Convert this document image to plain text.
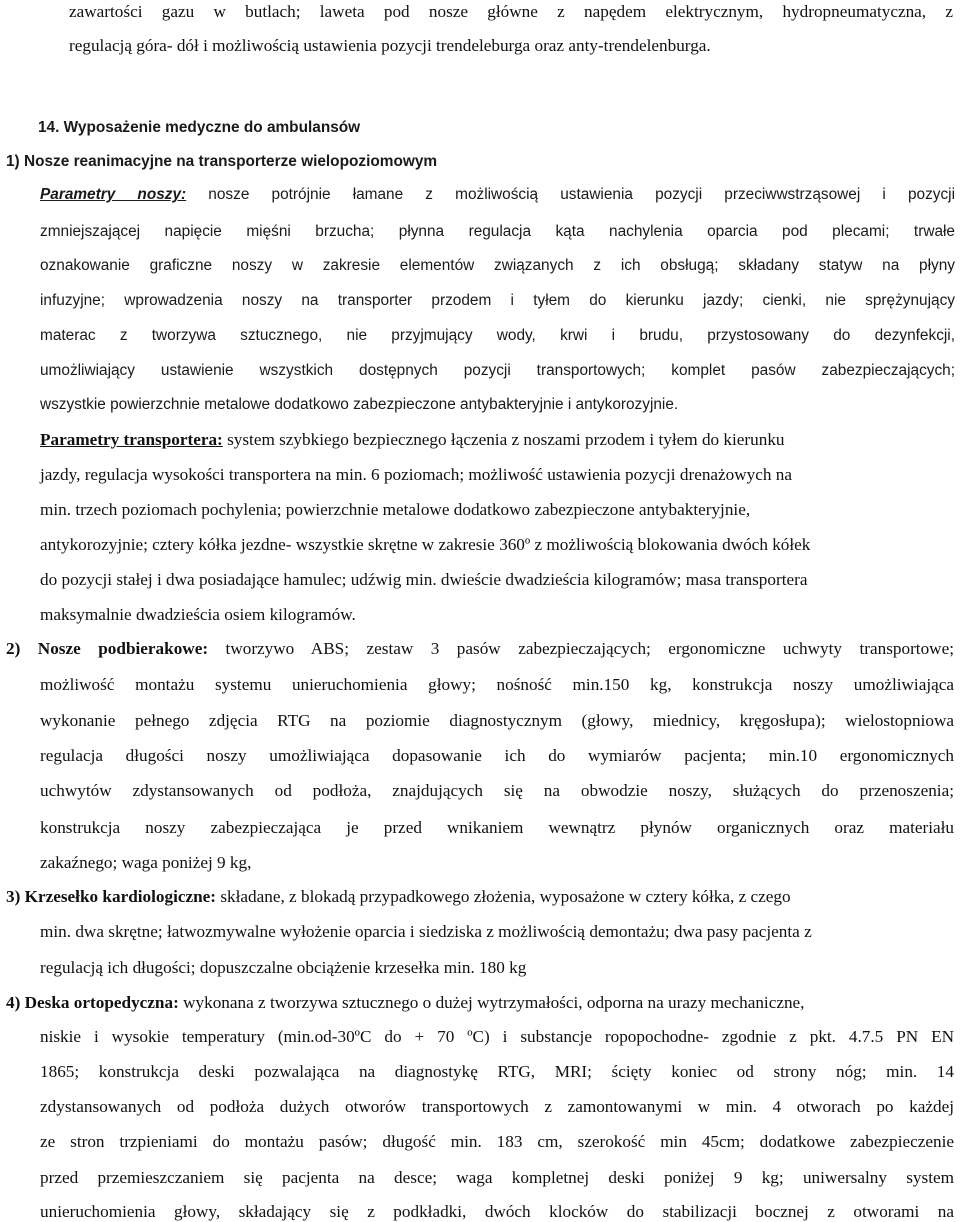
zawartości gazu w butlach; laweta pod nosze główne z napędem elektrycznym, hydropneumatyczna, z
regulacją góra- dół i możliwością ustawienia pozycji trendeleburga oraz anty-trendelenburga.
14. Wyposażenie medyczne do ambulansów
1) Nosze reanimacyjne na transporterze wielopoziomowym
Parametry noszy: nosze potrójnie łamane z możliwością ustawienia pozycji przeciwwstrząsowej i pozycji
zmniejszającej napięcie mięśni brzucha; płynna regulacja kąta nachylenia oparcia pod plecami; trwałe
oznakowanie graficzne noszy w zakresie elementów związanych z ich obsługą; składany statyw na płyny
infuzyjne; wprowadzenia noszy na transporter przodem i tyłem do kierunku jazdy; cienki, nie sprężynujący
materac z tworzywa sztucznego, nie przyjmujący wody, krwi i brudu, przystosowany do dezynfekcji,
umożliwiający ustawienie wszystkich dostępnych pozycji transportowych; komplet pasów zabezpieczających;
wszystkie powierzchnie metalowe dodatkowo zabezpieczone antybakteryjnie i antykorozyjnie.
Parametry transportera: system szybkiego bezpiecznego łączenia z noszami przodem i tyłem do kierunku
jazdy, regulacja wysokości transportera na min. 6 poziomach; możliwość ustawienia pozycji drenażowych na
min. trzech poziomach pochylenia; powierzchnie metalowe dodatkowo zabezpieczone antybakteryjnie,
antykorozyjnie; cztery kółka jezdne- wszystkie skrętne w zakresie 360º z możliwością blokowania dwóch kółek
do pozycji stałej i dwa posiadające hamulec; udźwig min. dwieście dwadzieścia kilogramów; masa transportera
maksymalnie dwadzieścia osiem kilogramów.
2) Nosze podbierakowe: tworzywo ABS; zestaw 3 pasów zabezpieczających; ergonomiczne uchwyty transportowe;
możliwość montażu systemu unieruchomienia głowy; nośność min.150 kg, konstrukcja noszy umożliwiająca
wykonanie pełnego zdjęcia RTG na poziomie diagnostycznym (głowy, miednicy, kręgosłupa); wielostopniowa
regulacja długości noszy umożliwiająca dopasowanie ich do wymiarów pacjenta; min.10 ergonomicznych
uchwytów zdystansowanych od podłoża, znajdujących się na obwodzie noszy, służących do przenoszenia;
konstrukcja noszy zabezpieczająca je przed wnikaniem wewnątrz płynów organicznych oraz materiału
zakaźnego; waga poniżej 9 kg,
3) Krzesełko kardiologiczne: składane, z blokadą przypadkowego złożenia, wyposażone w cztery kółka, z czego
min. dwa skrętne; łatwozmywalne wyłożenie oparcia i siedziska z możliwością demontażu; dwa pasy pacjenta z
regulacją ich długości; dopuszczalne obciążenie krzesełka min. 180 kg
4) Deska ortopedyczna: wykonana z tworzywa sztucznego o dużej wytrzymałości, odporna na urazy mechaniczne,
niskie i wysokie temperatury (min.od-30ºC do + 70 ºC) i substancje ropopochodne- zgodnie z pkt. 4.7.5 PN EN
1865; konstrukcja deski pozwalająca na diagnostykę RTG, MRI; ścięty koniec od strony nóg; min. 14
zdystansowanych od podłoża dużych otworów transportowych z zamontowanymi w min. 4 otworach po każdej
ze stron trzpieniami do montażu pasów; długość min. 183 cm, szerokość min 45cm; dodatkowe zabezpieczenie
przed przemieszczaniem się pacjenta na desce; waga kompletnej deski poniżej 9 kg; uniwersalny system
unieruchomienia głowy, składający się z podkładki, dwóch klocków do stabilizacji bocznej z otworami na
